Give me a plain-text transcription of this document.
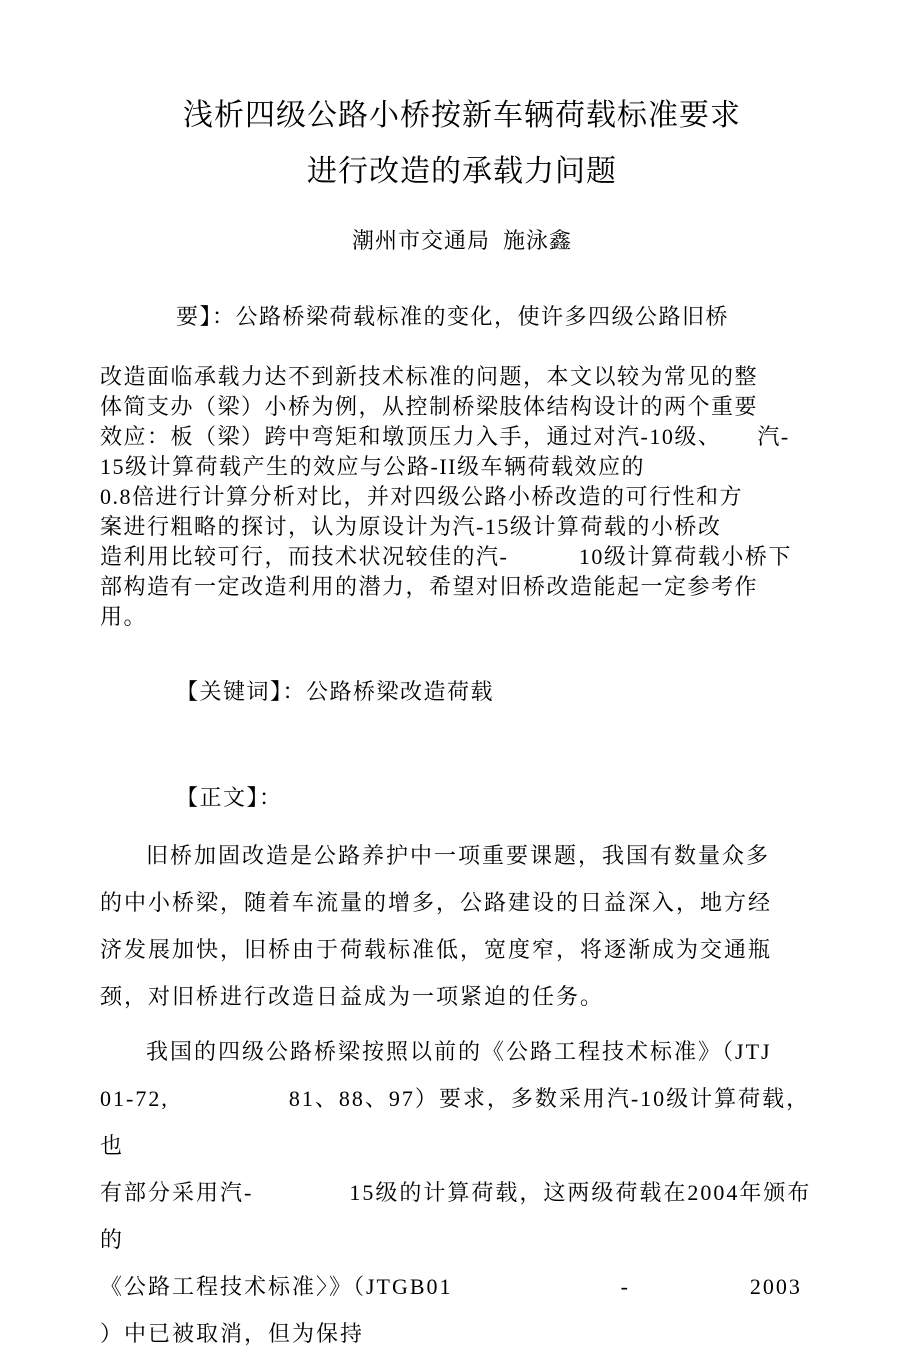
浅析四级公路小桥按新车辆荷载标准要求
进行改造的承载力问题
潮州市交通局  施泳鑫
要】：公路桥梁荷载标准的变化，使许多四级公路旧桥
改造面临承载力达不到新技术标准的问题，本文以较为常见的整
体简支办（梁）小桥为例，从控制桥梁肢体结构设计的两个重要
效应：板（梁）跨中弯矩和墩顶压力入手，通过对汽-10级、　　汽-
15级计算荷载产生的效应与公路-II级车辆荷载效应的
0.8倍进行计算分析对比，并对四级公路小桥改造的可行性和方
案进行粗略的探讨，认为原设计为汽-15级计算荷载的小桥改
造利用比较可行，而技术状况较佳的汽-　　　10级计算荷载小桥下
部构造有一定改造利用的潜力，希望对旧桥改造能起一定参考作
用。
【关键词】：公路桥梁改造荷载
【正文】：
旧桥加固改造是公路养护中一项重要课题，我国有数量众多
的中小桥梁，随着车流量的增多，公路建设的日益深入，地方经
济发展加快，旧桥由于荷载标准低，宽度窄，将逐渐成为交通瓶
颈，对旧桥进行改造日益成为一项紧迫的任务。
我国的四级公路桥梁按照以前的《公路工程技术标准》（JTJ
01-72,　　　　　81、88、97）要求，多数采用汽-10级计算荷载，也
有部分采用汽-　　　　15级的计算荷载，这两级荷载在2004年颁布的
《公路工程技术标准〉》（JTGB01　　　　　　　-　　　　　2003
）中已被取消，但为保持
